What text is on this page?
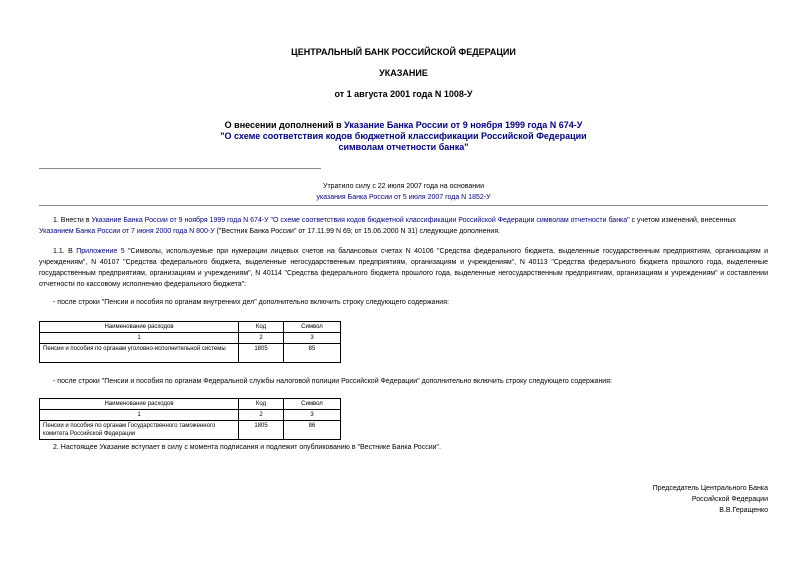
ЦЕНТРАЛЬНЫЙ БАНК РОССИЙСКОЙ ФЕДЕРАЦИИ
УКАЗАНИЕ
от 1 августа 2001 года N 1008-У
О внесении дополнений в Указание Банка России от 9 ноября 1999 года N 674-У
"О схеме соответствия кодов бюджетной классификации Российской Федерации
символам отчетности банка"
Утратило силу с 22 июля 2007 года на основании
указания Банка России от 5 июля 2007 года N 1852-У
1. Внести в Указание Банка России от 9 ноября 1999 года N 674-У "О схеме соответствия кодов бюджетной классификации Российской Федерации символам отчетности банка" с учетом изменений, внесенных Указанием Банка России от 7 июня 2000 года N 800-У ("Вестник Банка России" от 17.11.99 N 69; от 15.06.2000 N 31) следующие дополнения.
1.1. В Приложение 5 "Символы, используемые при нумерации лицевых счетов на балансовых счетах N 40106 "Средства федерального бюджета, выделенные государственным предприятиям, организациям и учреждениям", N 40107 "Средства федерального бюджета, выделенные негосударственным предприятиям, организациям и учреждениям", N 40113 "Средства федерального бюджета прошлого года, выделенные государственным предприятиям, организациям и учреждениям", N 40114 "Средства федерального бюджета прошлого года, выделенные негосударственным предприятиям, организациям и учреждениям" и составлении отчетности по кассовому исполнению федерального бюджета":
- после строки "Пенсии и пособия по органам внутренних дел" дополнительно включить строку следующего содержания:
Наименование расходов	Код	Символ
1	2	3
Пенсии и пособия по органам уголовно-исполнительной системы	1805	85
- после строки "Пенсии и пособия по органам Федеральной службы налоговой полиции Российской Федерации" дополнительно включить строку следующего содержания:
Наименование расходов	Код	Символ
1	2	3
Пенсии и пособия по органам Государственного таможенного комитета Российской Федерации	1805	86
2. Настоящее Указание вступает в силу с момента подписания и подлежит опубликованию в "Вестнике Банка России".
Председатель Центрального Банка
Российской Федерации
В.В.Геращенко
